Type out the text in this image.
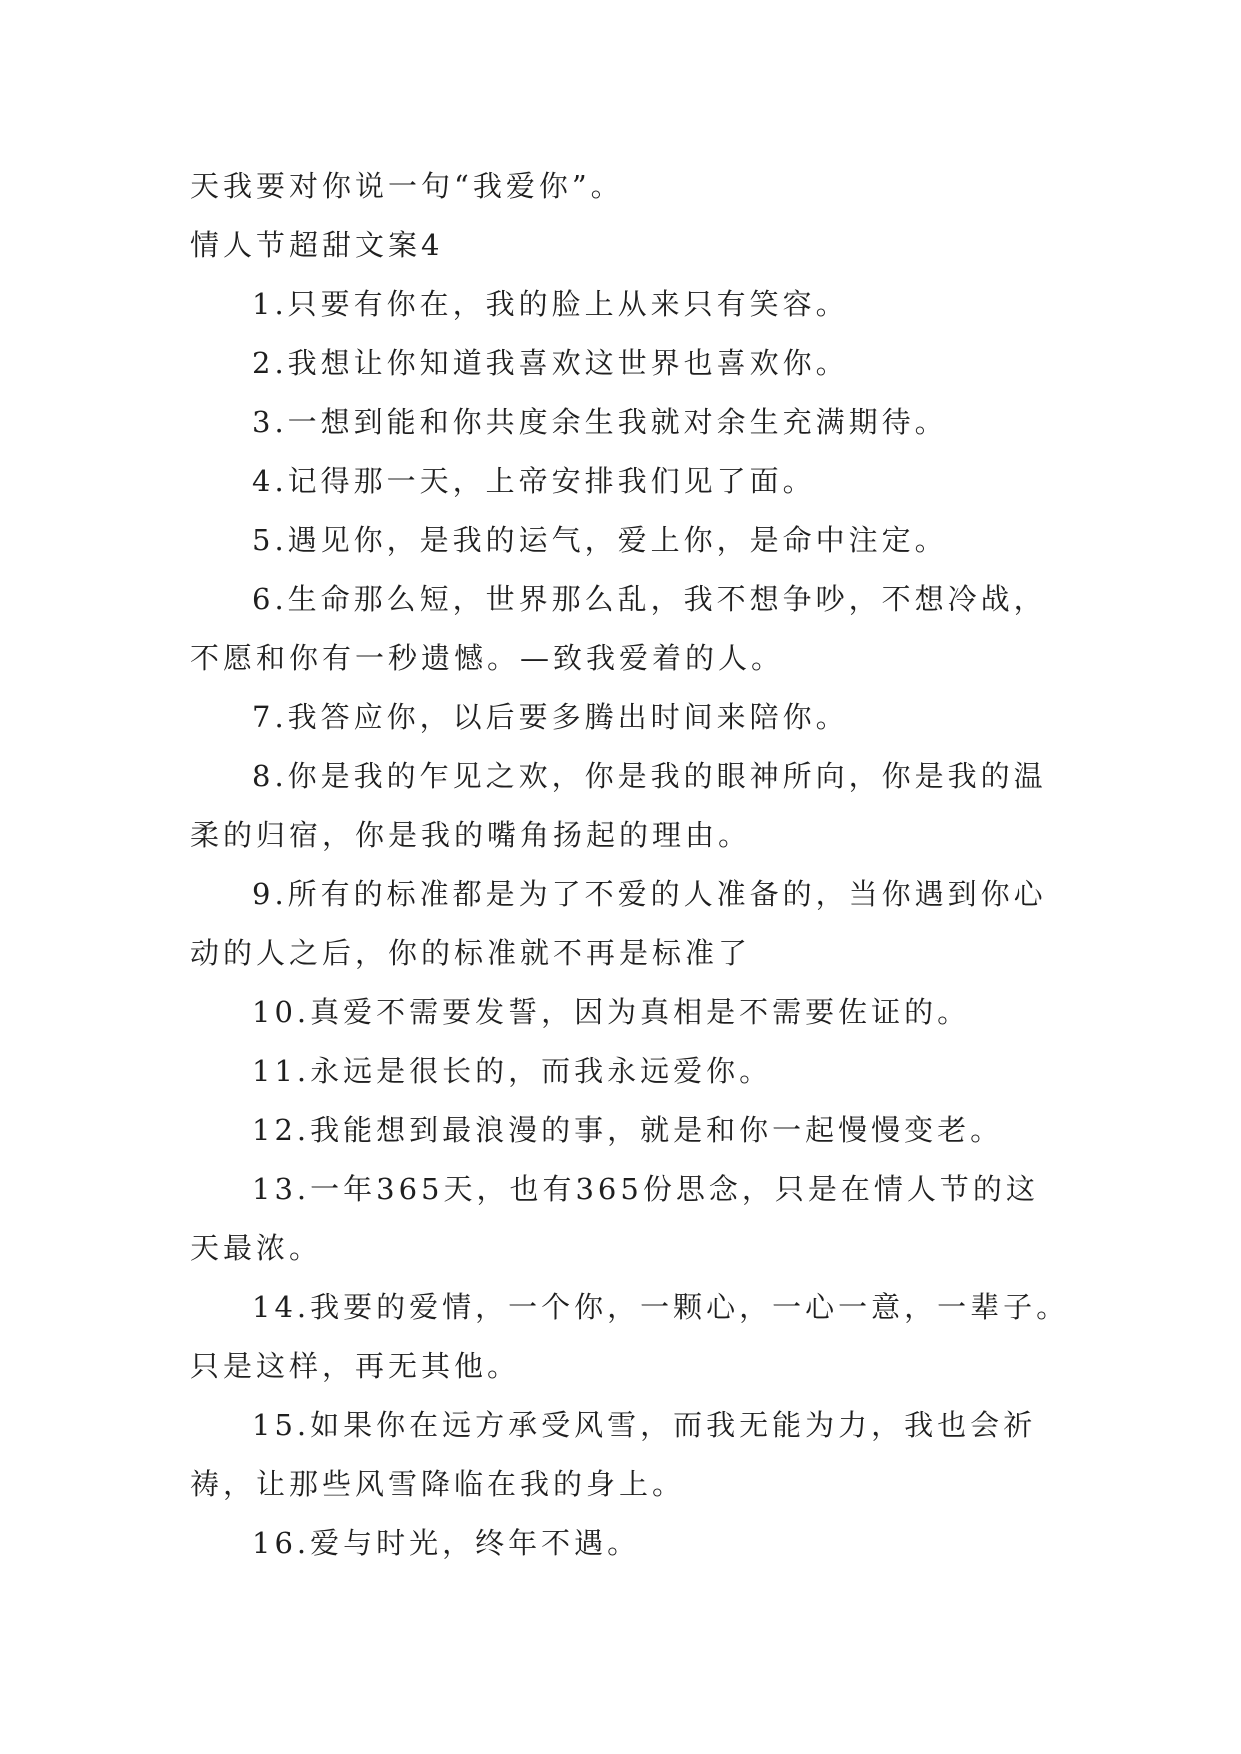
天我要对你说一句“我爱你”。
情人节超甜文案4
1.只要有你在，我的脸上从来只有笑容。
2.我想让你知道我喜欢这世界也喜欢你。
3.一想到能和你共度余生我就对余生充满期待。
4.记得那一天，上帝安排我们见了面。
5.遇见你，是我的运气，爱上你，是命中注定。
6.生命那么短，世界那么乱，我不想争吵，不想冷战，
不愿和你有一秒遗憾。—致我爱着的人。
7.我答应你，以后要多腾出时间来陪你。
8.你是我的乍见之欢，你是我的眼神所向，你是我的温
柔的归宿，你是我的嘴角扬起的理由。
9.所有的标准都是为了不爱的人准备的，当你遇到你心
动的人之后，你的标准就不再是标准了
10.真爱不需要发誓，因为真相是不需要佐证的。
11.永远是很长的，而我永远爱你。
12.我能想到最浪漫的事，就是和你一起慢慢变老。
13.一年365天，也有365份思念，只是在情人节的这
天最浓。
14.我要的爱情，一个你，一颗心，一心一意，一辈子。
只是这样，再无其他。
15.如果你在远方承受风雪，而我无能为力，我也会祈
祷，让那些风雪降临在我的身上。
16.爱与时光，终年不遇。
